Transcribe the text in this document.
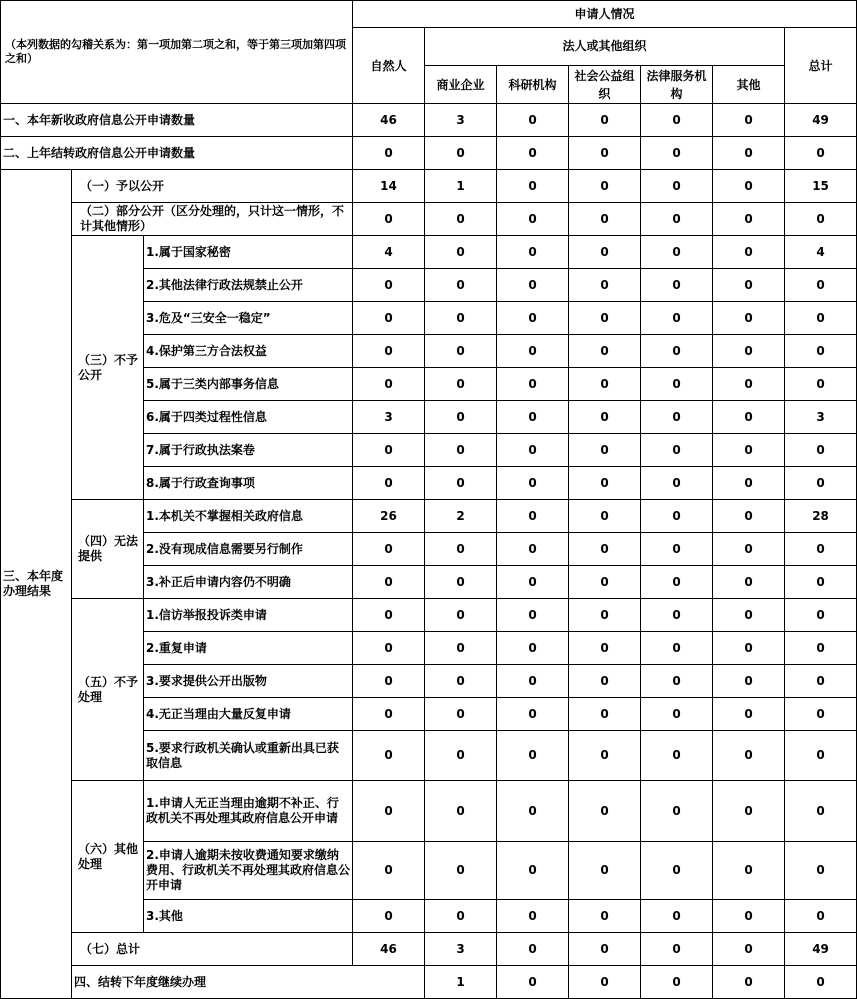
（本列数据的勾稽关系为：第一项加第二项之和，等于第三项加第四项之和）			申请人情况							
			自然人	法人或其他组织					总计	
				商业企业	科研机构	社会公益组织	法律服务机构	其他		
一、本年新收政府信息公开申请数量			46	3	0	0	0	0	49	
二、上年结转政府信息公开申请数量			0	0	0	0	0	0	0	
三、本年度办理结果	（一）予以公开		14	1	0	0	0	0	15	
	（二）部分公开（区分处理的，只计这一情形，不计其他情形）		0	0	0	0	0	0	0	
	（三）不予公开	1.属于国家秘密	4	0	0	0	0	0	4	
		2.其他法律行政法规禁止公开	0	0	0	0	0	0	0	
		3.危及“三安全一稳定”	0	0	0	0	0	0	0	
		4.保护第三方合法权益	0	0	0	0	0	0	0	
		5.属于三类内部事务信息	0	0	0	0	0	0	0	
		6.属于四类过程性信息	3	0	0	0	0	0	3	
		7.属于行政执法案卷	0	0	0	0	0	0	0	
		8.属于行政查询事项	0	0	0	0	0	0	0	
	（四）无法提供	1.本机关不掌握相关政府信息	26	2	0	0	0	0	28	
		2.没有现成信息需要另行制作	0	0	0	0	0	0	0	
		3.补正后申请内容仍不明确	0	0	0	0	0	0	0	
	（五）不予处理	1.信访举报投诉类申请	0	0	0	0	0	0	0	
		2.重复申请	0	0	0	0	0	0	0	
		3.要求提供公开出版物	0	0	0	0	0	0	0	
		4.无正当理由大量反复申请	0	0	0	0	0	0	0	
		5.要求行政机关确认或重新出具已获取信息	0	0	0	0	0	0	0	
	（六）其他处理	1.申请人无正当理由逾期不补正、行政机关不再处理其政府信息公开申请	0	0	0	0	0	0	0	
		2.申请人逾期未按收费通知要求缴纳费用、行政机关不再处理其政府信息公开申请	0	0	0	0	0	0	0	
		3.其他	0	0	0	0	0	0	0	
	（七）总计		46	3	0	0	0	0	49	
	四、结转下年度继续办理			1	0	0	0	0	0	
